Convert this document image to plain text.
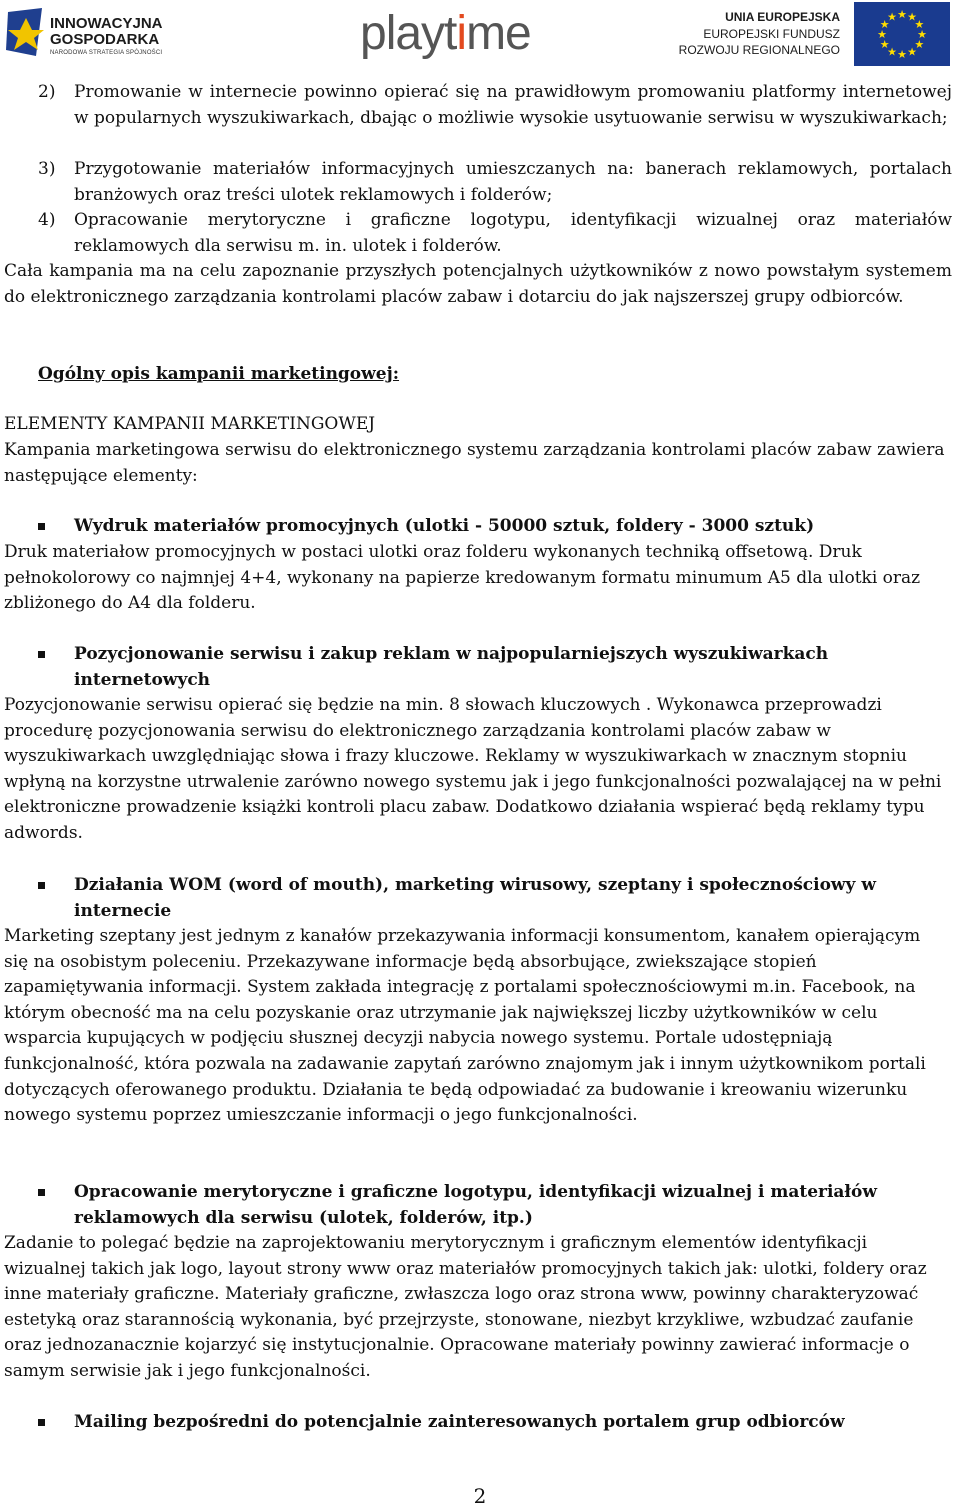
INNOWACYJNA
GOSPODARKA
NARODOWA STRATEGIA SPÓJNOŚCI	playtime	UNIA EUROPEJSKA
EUROPEJSKI FUNDUSZ
ROZWOJU REGIONALNEGO
★
★
★
★
★
★
★
★
★ ★ ★
★
2)	Promowanie w internecie powinno opierać się na prawidłowym promowaniu platformy internetowej w popularnych wyszukiwarkach, dbając o możliwie wysokie usytuowanie serwisu w wyszukiwarkach;
3)	Przygotowanie materiałów informacyjnych umieszczanych na: banerach reklamowych, portalach branżowych oraz treści ulotek reklamowych i folderów;
4)	Opracowanie merytoryczne i graficzne logotypu, identyfikacji wizualnej oraz materiałów reklamowych dla serwisu m. in. ulotek i folderów.

Cała kampania ma na celu zapoznanie przyszłych potencjalnych użytkowników z nowo powstałym systemem do elektronicznego zarządzania kontrolami placów zabaw i dotarciu do jak najszerszej grupy odbiorców.

Ogólny opis kampanii marketingowej:

ELEMENTY KAMPANII MARKETINGOWEJ

Kampania marketingowa serwisu do elektronicznego systemu zarządzania kontrolami placów zabaw zawiera następujące elementy:

Wydruk materiałów promocyjnych (ulotki - 50000 sztuk, foldery - 3000 sztuk)

Druk materiałow promocyjnych w postaci ulotki oraz folderu wykonanych techniką offsetową. Druk pełnokolorowy co najmnjej 4+4, wykonany na papierze kredowanym formatu minumum A5 dla ulotki oraz zbliżonego do A4 dla folderu.

Pozycjonowanie serwisu i zakup reklam w najpopularniejszych wyszukiwarkach internetowych

Pozycjonowanie serwisu opierać się będzie na min. 8 słowach kluczowych . Wykonawca przeprowadzi procedurę pozycjonowania serwisu do elektronicznego zarządzania kontrolami placów zabaw w wyszukiwarkach uwzględniając słowa i frazy kluczowe. Reklamy w wyszukiwarkach w znacznym stopniu wpłyną na korzystne utrwalenie zarówno nowego systemu jak i jego funkcjonalności pozwalającej na w pełni elektroniczne prowadzenie książki kontroli placu zabaw. Dodatkowo działania wspierać będą reklamy typu adwords.

Działania WOM (word of mouth), marketing wirusowy, szeptany i społecznościowy w internecie

Marketing szeptany jest jednym z kanałów przekazywania informacji konsumentom, kanałem opierającym się na osobistym poleceniu. Przekazywane informacje będą absorbujące, zwiekszające stopień zapamiętywania informacji. System zakłada integrację z portalami społecznościowymi m.in. Facebook, na którym obecność ma na celu pozyskanie oraz utrzymanie jak największej liczby użytkowników w celu wsparcia kupujących w podjęciu słusznej decyzji nabycia nowego systemu. Portale udostępniają funkcjonalność, która pozwala na zadawanie zapytań zarówno znajomym jak i innym użytkownikom portali dotyczących oferowanego produktu. Działania te będą odpowiadać za budowanie i kreowaniu wizerunku nowego systemu poprzez umieszczanie informacji o jego funkcjonalności.

Opracowanie merytoryczne i graficzne logotypu, identyfikacji wizualnej i materiałów reklamowych dla serwisu (ulotek, folderów, itp.)

Zadanie to polegać będzie na zaprojektowaniu merytorycznym i graficznym elementów identyfikacji wizualnej takich jak logo, layout strony www oraz materiałów promocyjnych takich jak: ulotki, foldery oraz inne materiały graficzne. Materiały graficzne, zwłaszcza logo oraz strona www, powinny charakteryzować estetyką oraz starannością wykonania, być przejrzyste, stonowane, niezbyt krzykliwe, wzbudzać zaufanie oraz jednozanacznie kojarzyć się instytucjonalnie. Opracowane materiały powinny zawierać informacje o samym serwisie jak i jego funkcjonalności.

Mailing bezpośredni do potencjalnie zainteresowanych portalem grup odbiorców
2
